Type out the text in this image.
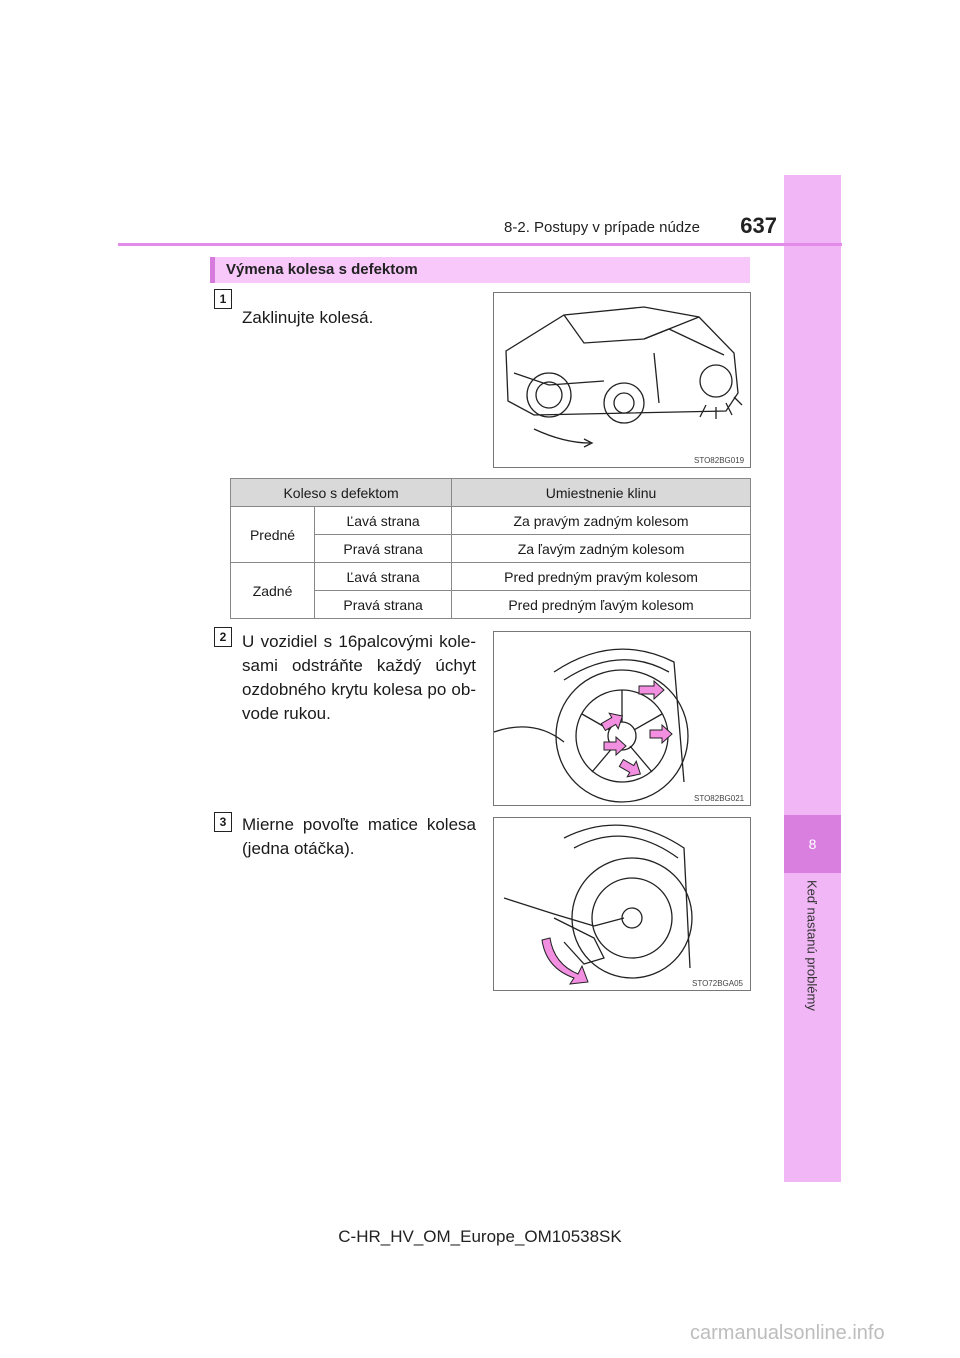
8
Keď nastanú problémy
8-2. Postupy v prípade núdze	637
Výmena kolesa s defektom
1
Zaklinujte kolesá.
STO82BG019
Koleso s defektom		Umiestnenie klinu
Predné	Ľavá strana	Za pravým zadným kolesom
	Pravá strana	Za ľavým zadným kolesom
Zadné	Ľavá strana	Pred predným pravým kolesom
	Pravá strana	Pred predným ľavým kolesom
2 U vozidiel s 16palcovými kole-sami odstráňte každý úchyt ozdobného krytu kolesa po ob-vode rukou.
STO82BG021
3 Mierne povoľte matice kolesa (jedna otáčka).
STO72BGA05
C-HR_HV_OM_Europe_OM10538SK
carmanualsonline.info
